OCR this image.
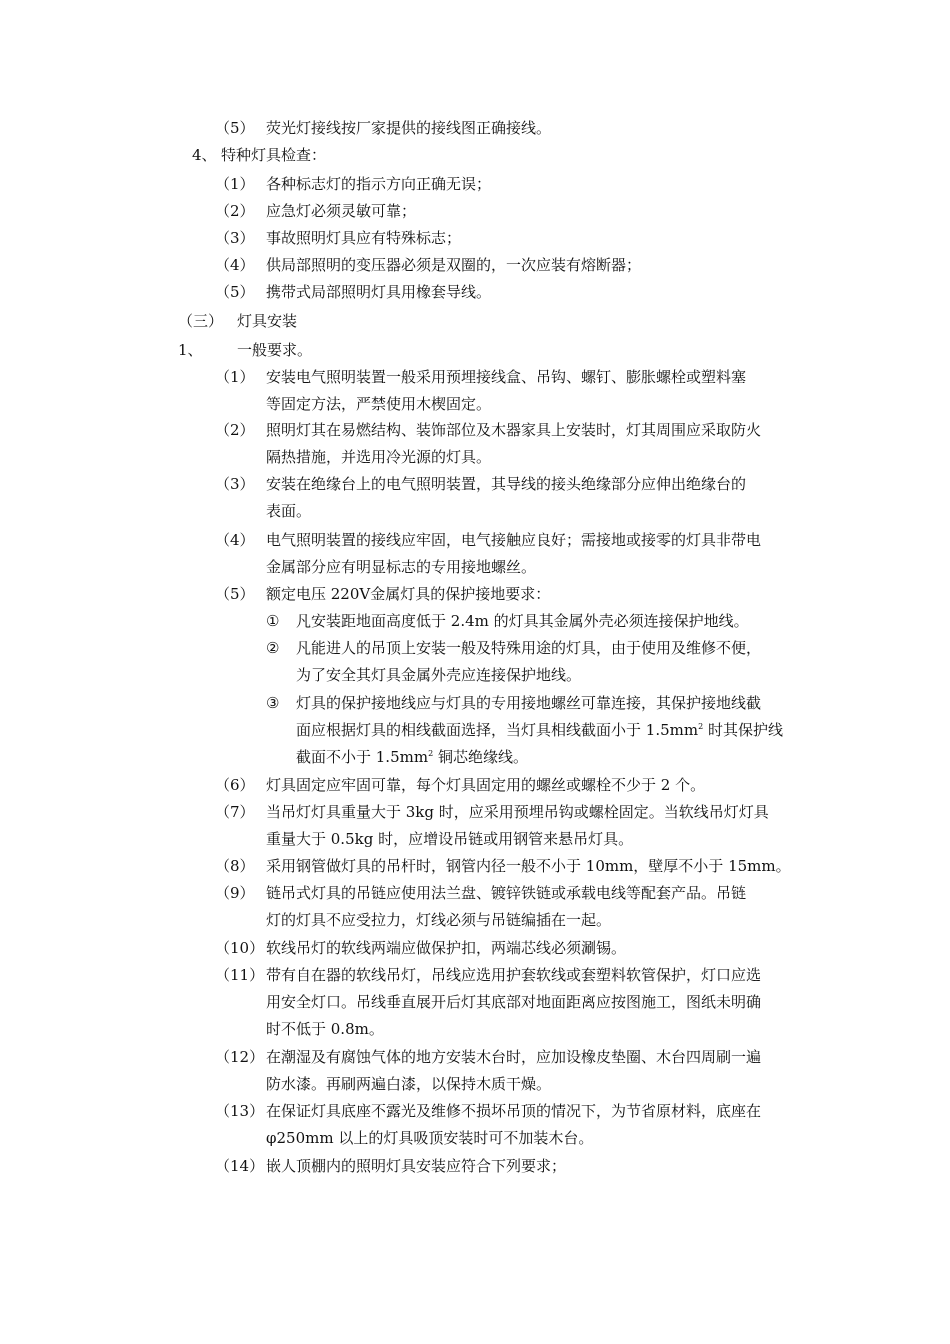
（5） 荧光灯接线按厂家提供的接线图正确接线。
4、 特种灯具检查：
（1） 各种标志灯的指示方向正确无误；
（2） 应急灯必须灵敏可靠；
（3） 事故照明灯具应有特殊标志；
（4） 供局部照明的变压器必须是双圈的，一次应装有熔断器；
（5） 携带式局部照明灯具用橡套导线。
（三） 灯具安装
1、 一般要求。
（1） 安装电气照明装置一般采用预埋接线盒、吊钩、螺钉、膨胀螺栓或塑料塞
等固定方法，严禁使用木楔固定。
（2） 照明灯其在易燃结构、装饰部位及木器家具上安装时，灯其周围应采取防火
隔热措施，并选用冷光源的灯具。
（3） 安装在绝缘台上的电气照明装置，其导线的接头绝缘部分应伸出绝缘台的
表面。
（4） 电气照明装置的接线应牢固，电气接触应良好；需接地或接零的灯具非带电
金属部分应有明显标志的专用接地螺丝。
（5） 额定电压 220Ⅴ金属灯具的保护接地要求：
① 凡安装距地面高度低于 2.4m 的灯具其金属外壳必须连接保护地线。
② 凡能进人的吊顶上安装一般及特殊用途的灯具，由于使用及维修不便，
为了安全其灯具金属外壳应连接保护地线。
③ 灯具的保护接地线应与灯具的专用接地螺丝可靠连接，其保护接地线截
面应根据灯具的相线截面选择，当灯具相线截面小于 $1.5mm^2$ 时其保护线
截面不小于 $1.5mm^2$ 铜芯绝缘线。
（6） 灯具固定应牢固可靠，每个灯具固定用的螺丝或螺栓不少于 2 个。
（7） 当吊灯灯具重量大于 3kg 时，应采用预埋吊钩或螺栓固定。当软线吊灯灯具
重量大于 0.5kg 时，应增设吊链或用钢管来悬吊灯具。
（8） 采用钢管做灯具的吊杆时，钢管内径一般不小于 10mm，壁厚不小于 15mm。
（9） 链吊式灯具的吊链应使用法兰盘、镀锌铁链或承载电线等配套产品。吊链
灯的灯具不应受拉力，灯线必须与吊链编插在一起。
（10） 软线吊灯的软线两端应做保护扣，两端芯线必须涮锡。
（11） 带有自在器的软线吊灯，吊线应选用护套软线或套塑料软管保护，灯口应选
用安全灯口。吊线垂直展开后灯其底部对地面距离应按图施工，图纸未明确
时不低于 0.8m。
（12） 在潮湿及有腐蚀气体的地方安装木台时，应加设橡皮垫圈、木台四周刷一遍
防水漆。再刷两遍白漆，以保持木质干燥。
（13） 在保证灯具底座不露光及维修不损坏吊顶的情况下，为节省原材料，底座在
φ250mm 以上的灯具吸顶安装时可不加装木台。
（14） 嵌人顶棚内的照明灯具安装应符合下列要求；
